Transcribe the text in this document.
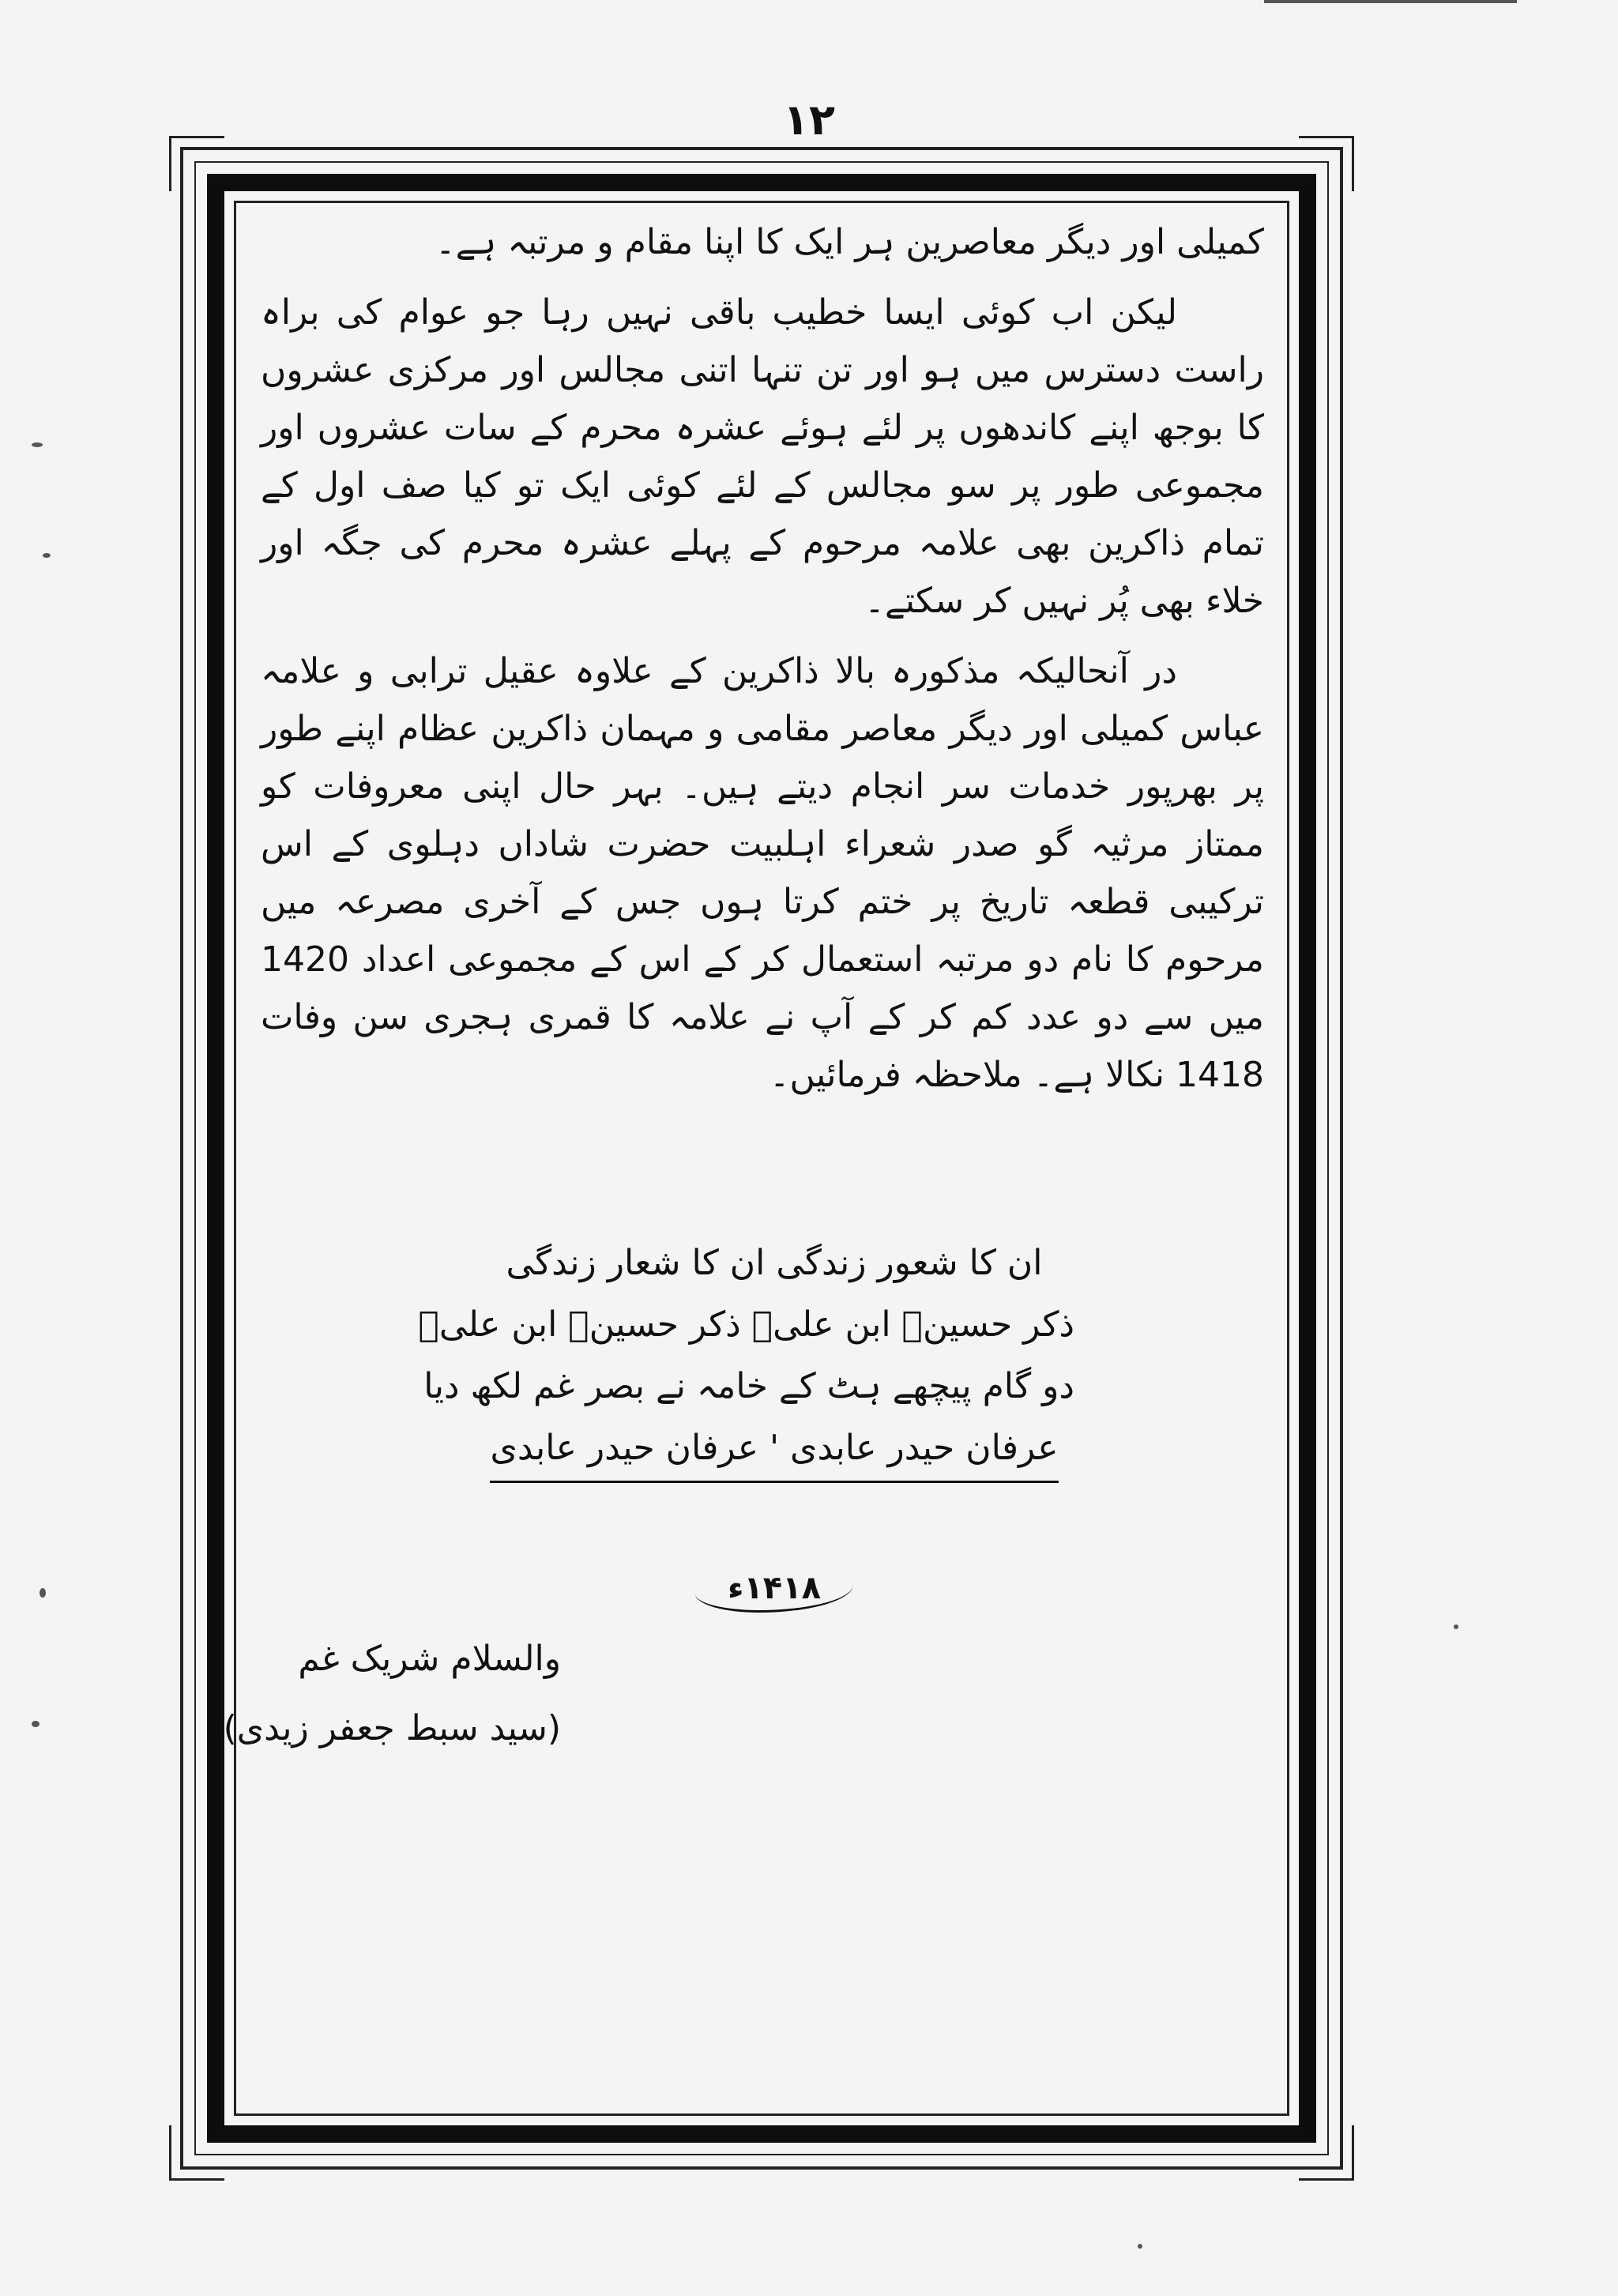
۱۲

کمیلی اور دیگر معاصرین ہر ایک کا اپنا مقام و مرتبہ ہے۔

لیکن اب کوئی ایسا خطیب باقی نہیں رہا جو عوام کی براہ راست دسترس میں ہو اور تن تنہا اتنی مجالس اور مرکزی عشروں کا بوجھ اپنے کاندھوں پر لئے ہوئے عشرہ محرم کے سات عشروں اور مجموعی طور پر سو مجالس کے لئے کوئی ایک تو کیا صف اول کے تمام ذاکرین بھی علامہ مرحوم کے پہلے عشرہ محرم کی جگہ اور خلاء بھی پُر نہیں کر سکتے۔

در آنحالیکہ مذکورہ بالا ذاکرین کے علاوہ عقیل ترابی و علامہ عباس کمیلی اور دیگر معاصر مقامی و مہمان ذاکرین عظام اپنے طور پر بھرپور خدمات سر انجام دیتے ہیں۔ بہر حال اپنی معروفات کو ممتاز مرثیہ گو صدر شعراء اہلبیت حضرت شاداں دہلوی کے اس ترکیبی قطعہ تاریخ پر ختم کرتا ہوں جس کے آخری مصرعہ میں مرحوم کا نام دو مرتبہ استعمال کر کے اس کے مجموعی اعداد 1420 میں سے دو عدد کم کر کے آپ نے علامہ کا قمری ہجری سن وفات 1418 نکالا ہے۔ ملاحظہ فرمائیں۔

ان کا شعور زندگی ان کا شعار زندگی
ذکر حسینؑ ابن علیؑ ذکر حسینؑ ابن علیؑ
دو گام پیچھے ہٹ کے خامہ نے بصر غم لکھ دیا
عرفان حیدر عابدی ' عرفان حیدر عابدی
۱۴۱۸ء
والسلام شریک غم
(سید سبط جعفر زیدی)
